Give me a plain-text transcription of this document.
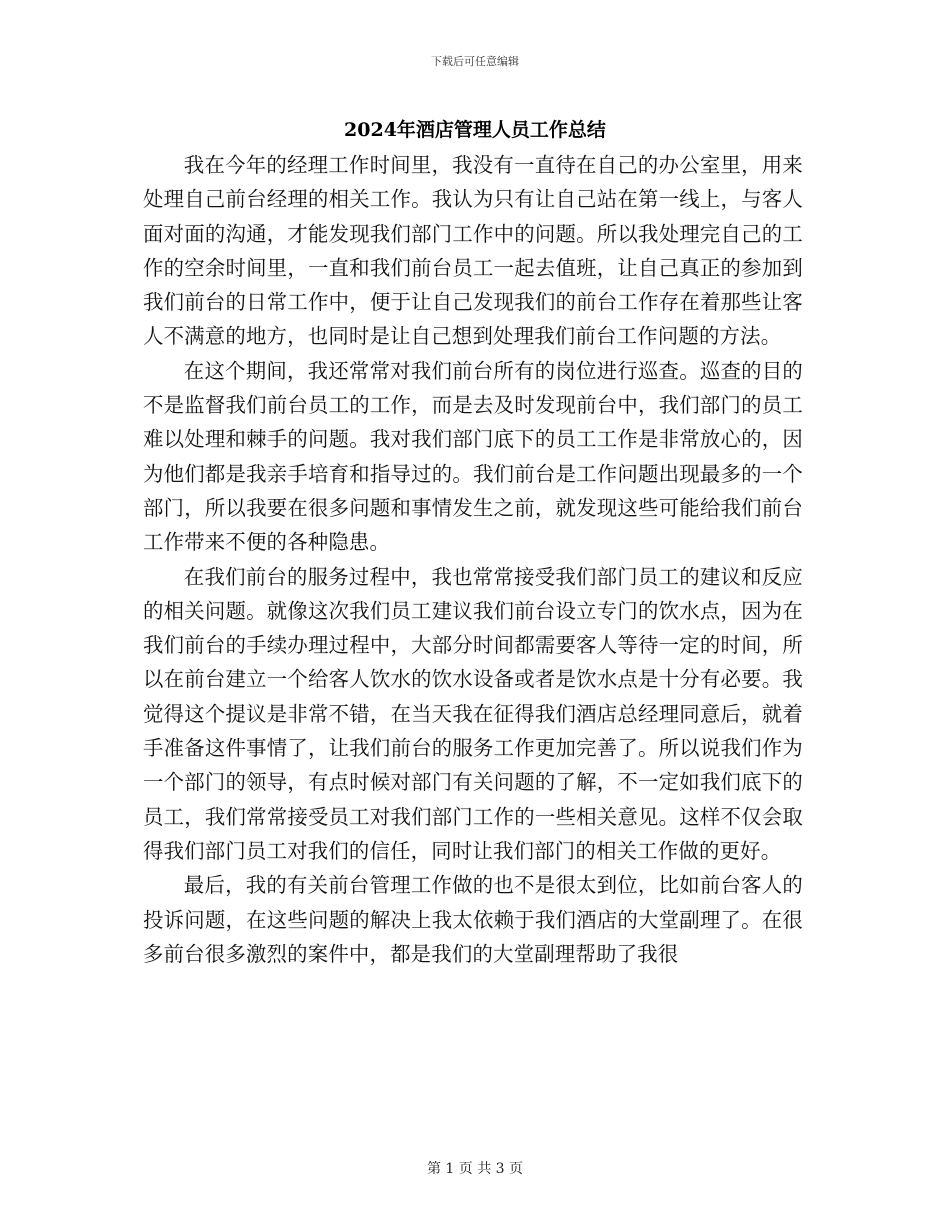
下载后可任意编辑
2024年酒店管理人员工作总结

我在今年的经理工作时间里，我没有一直待在自己的办公室里，用来处理自己前台经理的相关工作。我认为只有让自己站在第一线上，与客人面对面的沟通，才能发现我们部门工作中的问题。所以我处理完自己的工作的空余时间里，一直和我们前台员工一起去值班，让自己真正的参加到我们前台的日常工作中，便于让自己发现我们的前台工作存在着那些让客人不满意的地方，也同时是让自己想到处理我们前台工作问题的方法。

在这个期间，我还常常对我们前台所有的岗位进行巡查。巡查的目的不是监督我们前台员工的工作，而是去及时发现前台中，我们部门的员工难以处理和棘手的问题。我对我们部门底下的员工工作是非常放心的，因为他们都是我亲手培育和指导过的。我们前台是工作问题出现最多的一个部门，所以我要在很多问题和事情发生之前，就发现这些可能给我们前台工作带来不便的各种隐患。

在我们前台的服务过程中，我也常常接受我们部门员工的建议和反应的相关问题。就像这次我们员工建议我们前台设立专门的饮水点，因为在我们前台的手续办理过程中，大部分时间都需要客人等待一定的时间，所以在前台建立一个给客人饮水的饮水设备或者是饮水点是十分有必要。我觉得这个提议是非常不错，在当天我在征得我们酒店总经理同意后，就着手准备这件事情了，让我们前台的服务工作更加完善了。所以说我们作为一个部门的领导，有点时候对部门有关问题的了解，不一定如我们底下的员工，我们常常接受员工对我们部门工作的一些相关意见。这样不仅会取得我们部门员工对我们的信任，同时让我们部门的相关工作做的更好。

最后，我的有关前台管理工作做的也不是很太到位，比如前台客人的投诉问题，在这些问题的解决上我太依赖于我们酒店的大堂副理了。在很多前台很多激烈的案件中，都是我们的大堂副理帮助了我很

第 1 页 共 3 页
